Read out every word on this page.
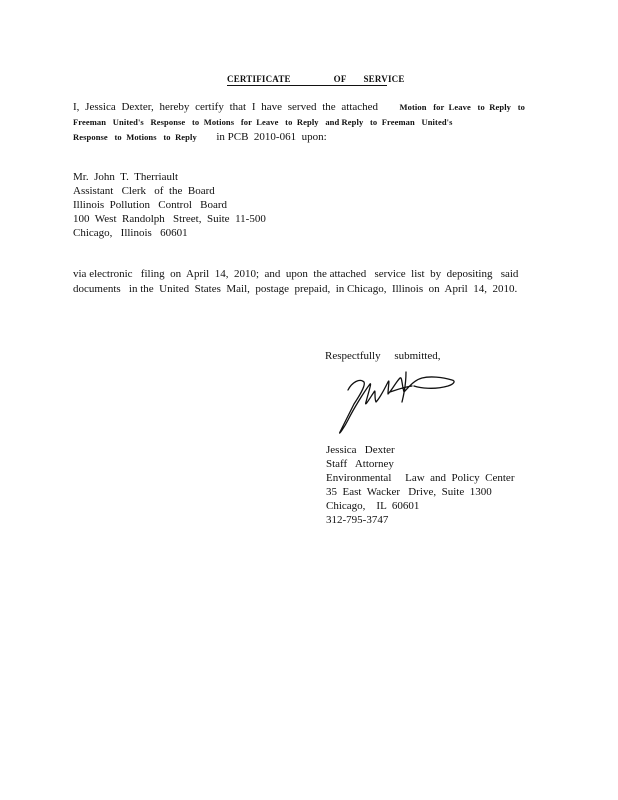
CERTIFICATE	OF SERVICE
I, Jessica Dexter, hereby certify that I have served the attached	Motion   for  Leave   to  Reply   to
Freeman   United's   Response   to  Motions   for  Leave   to  Reply   and Reply   to  Freeman   United's
Response   to  Motions   to  Reply in PCB  2010-061  upon:
Mr.  John  T.  Therriault
Assistant   Clerk   of  the  Board
Illinois  Pollution   Control   Board
100  West  Randolph   Street,  Suite  11-500
Chicago,   Illinois   60601
via electronic   filing  on  April  14,  2010;  and  upon  the attached   service  list  by  depositing   said
documents   in the  United  States  Mail,  postage  prepaid,  in Chicago,  Illinois  on  April  14,  2010.
Respectfully     submitted,
Jessica   Dexter
Staff   Attorney
Environmental     Law  and  Policy  Center
35  East  Wacker   Drive,  Suite  1300
Chicago,    IL  60601
312-795-3747
